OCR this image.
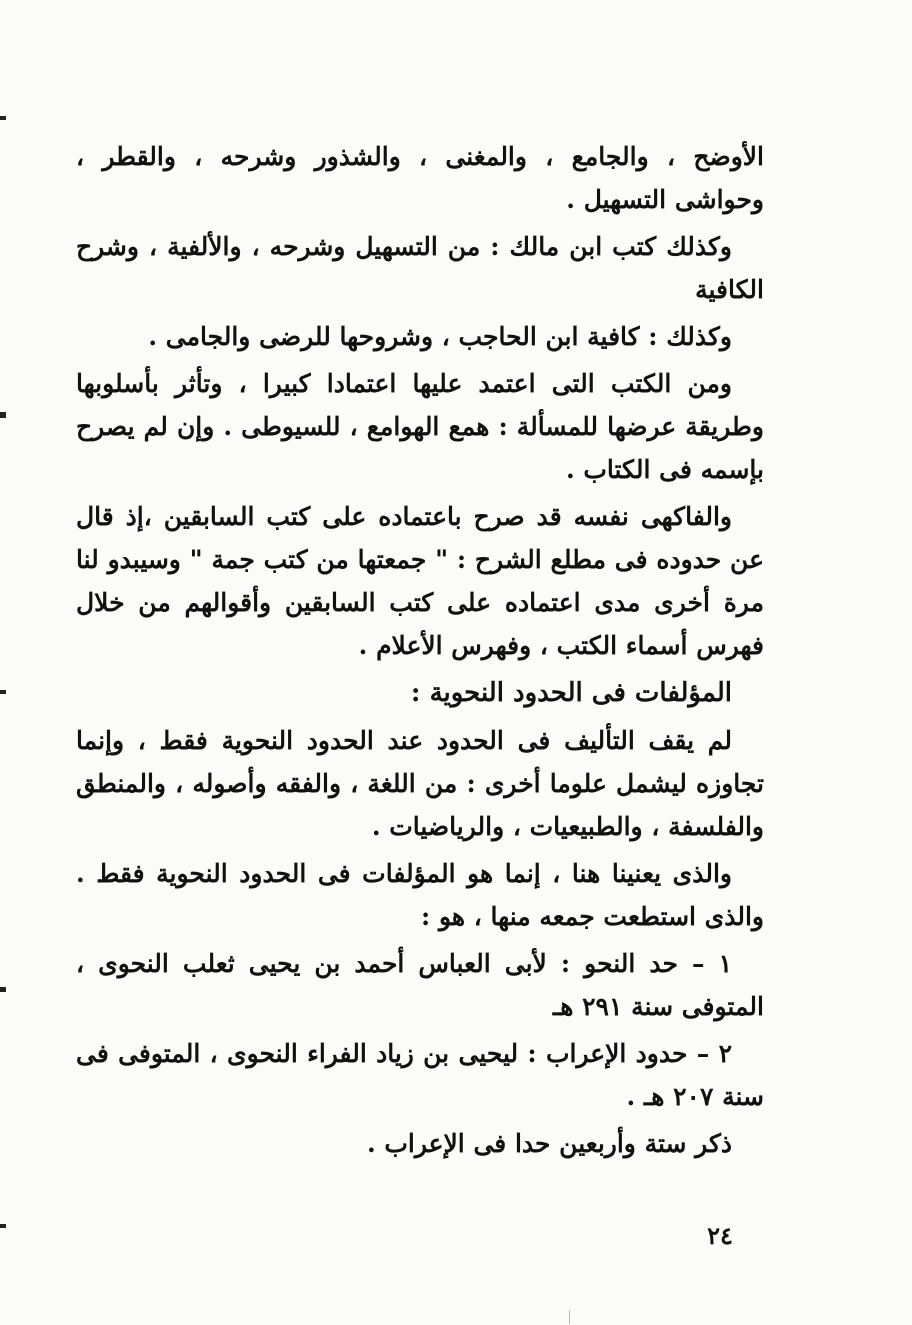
الأوضح ، والجامع ، والمغنى ، والشذور وشرحه ، والقطر ، وحواشى التسهيل .

وكذلك كتب ابن مالك : من التسهيل وشرحه ، والألفية ، وشرح الكافية

وكذلك : كافية ابن الحاجب ، وشروحها للرضى والجامى .

ومن الكتب التى اعتمد عليها اعتمادا كبيرا ، وتأثر بأسلوبها وطريقة عرضها للمسألة : همع الهوامع ، للسيوطى . وإن لم يصرح بإسمه فى الكتاب .

والفاكهى نفسه قد صرح باعتماده على كتب السابقين ،إذ قال عن حدوده فى مطلع الشرح : " جمعتها من كتب جمة " وسيبدو لنا مرة أخرى مدى اعتماده على كتب السابقين وأقوالهم من خلال فهرس أسماء الكتب ، وفهرس الأعلام .

المؤلفات فى الحدود النحوية :

لم يقف التأليف فى الحدود عند الحدود النحوية فقط ، وإنما تجاوزه ليشمل علوما أخرى : من اللغة ، والفقه وأصوله ، والمنطق والفلسفة ، والطبيعيات ، والرياضيات .

والذى يعنينا هنا ، إنما هو المؤلفات فى الحدود النحوية فقط . والذى استطعت جمعه منها ، هو :

١ – حد النحو : لأبى العباس أحمد بن يحيى ثعلب النحوى ، المتوفى سنة ٢٩١ هـ

٢ – حدود الإعراب : ليحيى بن زياد الفراء النحوى ، المتوفى فى سنة ٢٠٧ هـ .

ذكر ستة وأربعين حدا فى الإعراب .

٢٤
